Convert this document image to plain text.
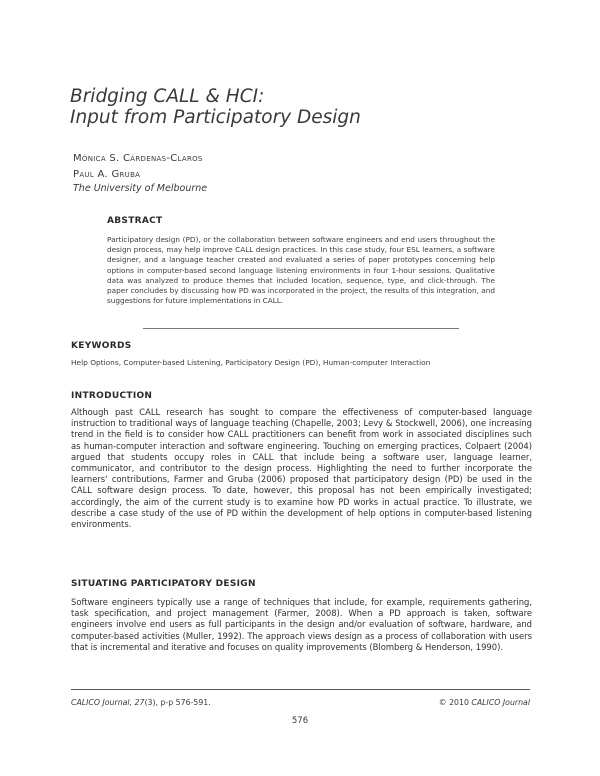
Bridging CALL & HCI:
Input from Participatory Design
Mónica S. Cárdenas-Claros
Paul A. Gruba
The University of Melbourne
ABSTRACT
Participatory design (PD), or the collaboration between software engineers and end users throughout the design process, may help improve CALL design practices. In this case study, four ESL learners, a software designer, and a language teacher created and evaluated a series of paper prototypes concerning help options in computer-based second language listening environments in four 1-hour sessions. Qualitative data was analyzed to produce themes that included location, sequence, type, and click-through. The paper concludes by discussing how PD was incorporated in the project, the results of this integration, and suggestions for future implementations in CALL.
KEYWORDS
Help Options, Computer-based Listening, Participatory Design (PD), Human-computer Interaction
INTRODUCTION
Although past CALL research has sought to compare the effectiveness of computer-based language instruction to traditional ways of language teaching (Chapelle, 2003; Levy & Stockwell, 2006), one increasing trend in the field is to consider how CALL practitioners can benefit from work in associated disciplines such as human-computer interaction and software engineering. Touching on emerging practices, Colpaert (2004) argued that students occupy roles in CALL that include being a software user, language learner, communicator, and contributor to the design process. Highlighting the need to further incorporate the learners' contributions, Farmer and Gruba (2006) proposed that participatory design (PD) be used in the CALL software design process. To date, however, this proposal has not been empirically investigated; accordingly, the aim of the current study is to examine how PD works in actual practice. To illustrate, we describe a case study of the use of PD within the development of help options in computer-based listening environments.
SITUATING PARTICIPATORY DESIGN
Software engineers typically use a range of techniques that include, for example, requirements gathering, task specification, and project management (Farmer, 2008). When a PD approach is taken, software engineers involve end users as full participants in the design and/or evaluation of software, hardware, and computer-based activities (Muller, 1992). The approach views design as a process of collaboration with users that is incremental and iterative and focuses on quality improvements (Blomberg & Henderson, 1990).
CALICO Journal, 27(3), p-p 576-591.	© 2010 CALICO Journal
576
